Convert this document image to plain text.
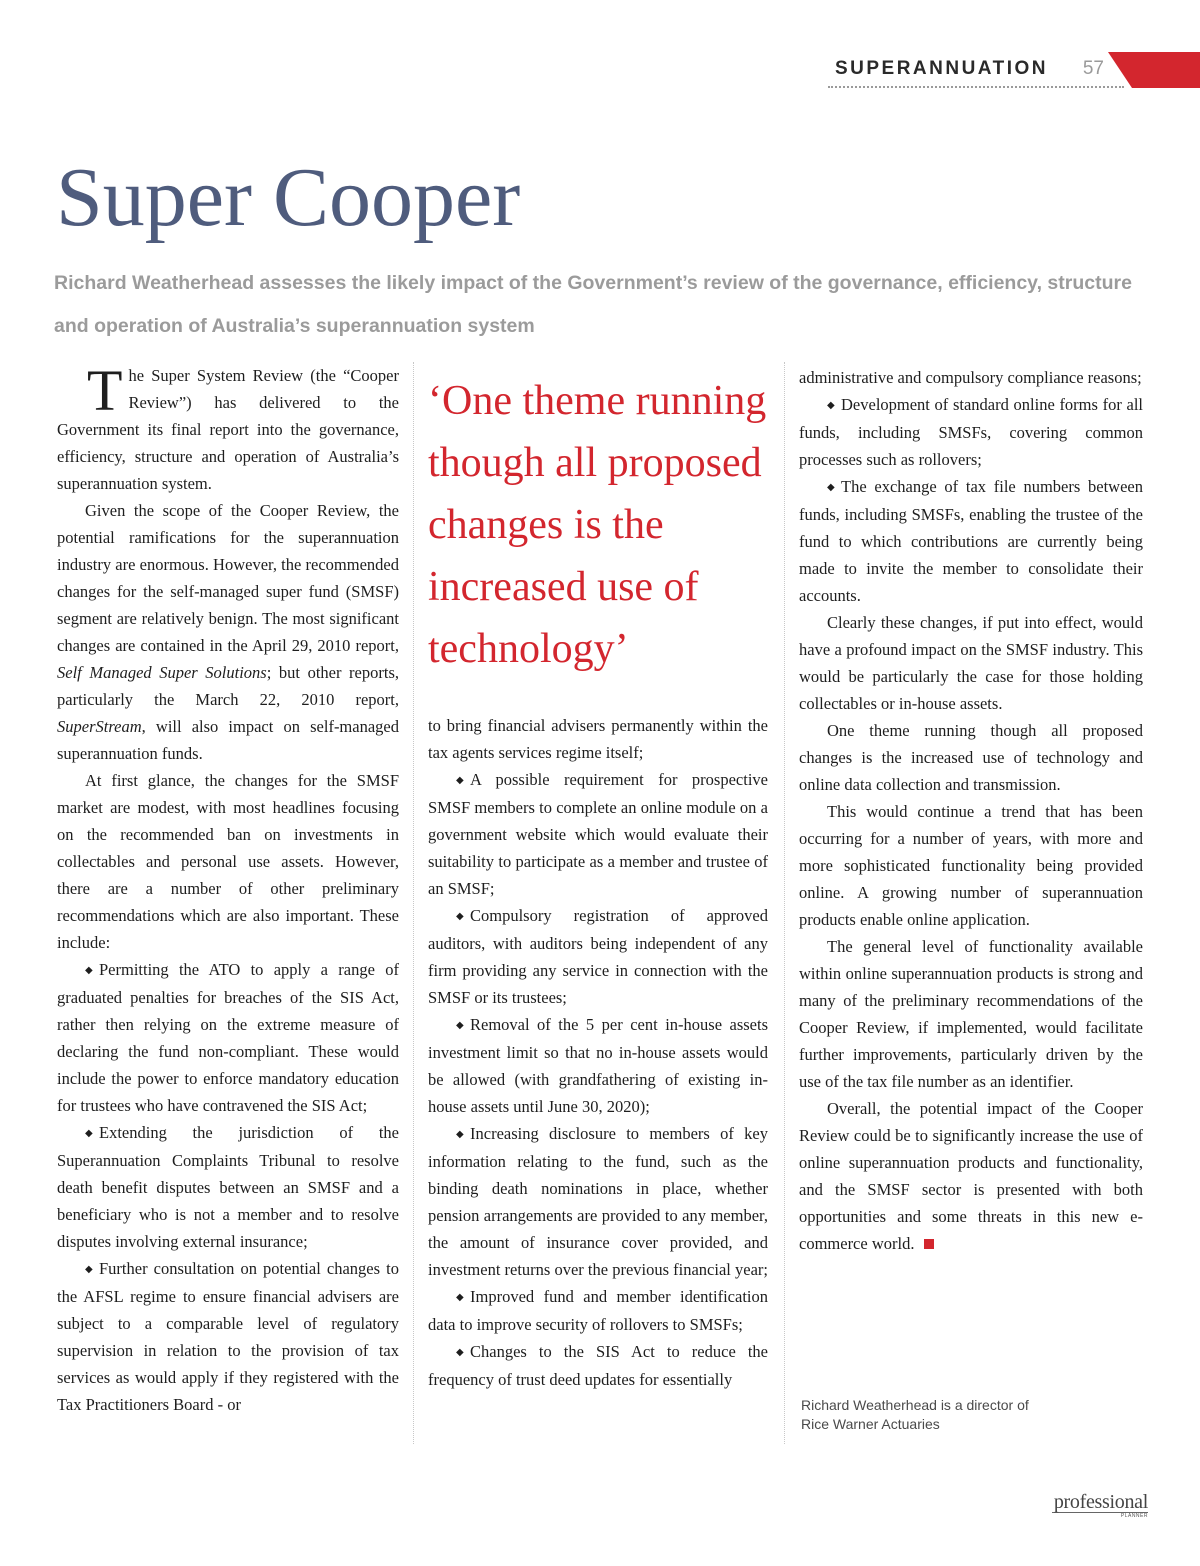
SUPERANNUATION 57
Super Cooper

Richard Weatherhead assesses the likely impact of the Government’s review of the governance, efficiency, structure and operation of Australia’s superannuation system

The Super System Review (the “Cooper Review”) has delivered to the Government its final report into the governance, efficiency, structure and operation of Australia’s superannuation system.

Given the scope of the Cooper Review, the potential ramifications for the superannuation industry are enormous. However, the recommended changes for the self-managed super fund (SMSF) segment are relatively benign. The most significant changes are contained in the April 29, 2010 report, Self Managed Super Solutions; but other reports, particularly the March 22, 2010 report, SuperStream, will also impact on self-managed superannuation funds.

At first glance, the changes for the SMSF market are modest, with most headlines focusing on the recommended ban on investments in collectables and personal use assets. However, there are a number of other preliminary recommendations which are also important. These include:

◆ Permitting the ATO to apply a range of graduated penalties for breaches of the SIS Act, rather then relying on the extreme measure of declaring the fund non-compliant. These would include the power to enforce mandatory education for trustees who have contravened the SIS Act;

◆ Extending the jurisdiction of the Superannuation Complaints Tribunal to resolve death benefit disputes between an SMSF and a beneficiary who is not a member and to resolve disputes involving external insurance;

◆ Further consultation on potential changes to the AFSL regime to ensure financial advisers are subject to a comparable level of regulatory supervision in relation to the provision of tax services as would apply if they registered with the Tax Practitioners Board - or

‘One theme running though all proposed changes is the increased use of technology’

to bring financial advisers permanently within the tax agents services regime itself;

◆ A possible requirement for prospective SMSF members to complete an online module on a government website which would evaluate their suitability to participate as a member and trustee of an SMSF;

◆ Compulsory registration of approved auditors, with auditors being independent of any firm providing any service in connection with the SMSF or its trustees;

◆ Removal of the 5 per cent in-house assets investment limit so that no in-house assets would be allowed (with grandfathering of existing in-house assets until June 30, 2020);

◆ Increasing disclosure to members of key information relating to the fund, such as the binding death nominations in place, whether pension arrangements are provided to any member, the amount of insurance cover provided, and investment returns over the previous financial year;

◆ Improved fund and member identification data to improve security of rollovers to SMSFs;

◆ Changes to the SIS Act to reduce the frequency of trust deed updates for essentially

administrative and compulsory compliance reasons;

◆ Development of standard online forms for all funds, including SMSFs, covering common processes such as rollovers;

◆ The exchange of tax file numbers between funds, including SMSFs, enabling the trustee of the fund to which contributions are currently being made to invite the member to consolidate their accounts.

Clearly these changes, if put into effect, would have a profound impact on the SMSF industry. This would be particularly the case for those holding collectables or in-house assets.

One theme running though all proposed changes is the increased use of technology and online data collection and transmission.

This would continue a trend that has been occurring for a number of years, with more and more sophisticated functionality being provided online. A growing number of superannuation products enable online application.

The general level of functionality available within online superannuation products is strong and many of the preliminary recommendations of the Cooper Review, if implemented, would facilitate further improvements, particularly driven by the use of the tax file number as an identifier.

Overall, the potential impact of the Cooper Review could be to significantly increase the use of online superannuation products and functionality, and the SMSF sector is presented with both opportunities and some threats in this new e-commerce world.

Richard Weatherhead is a director of
Rice Warner Actuaries
professional
PLANNER
